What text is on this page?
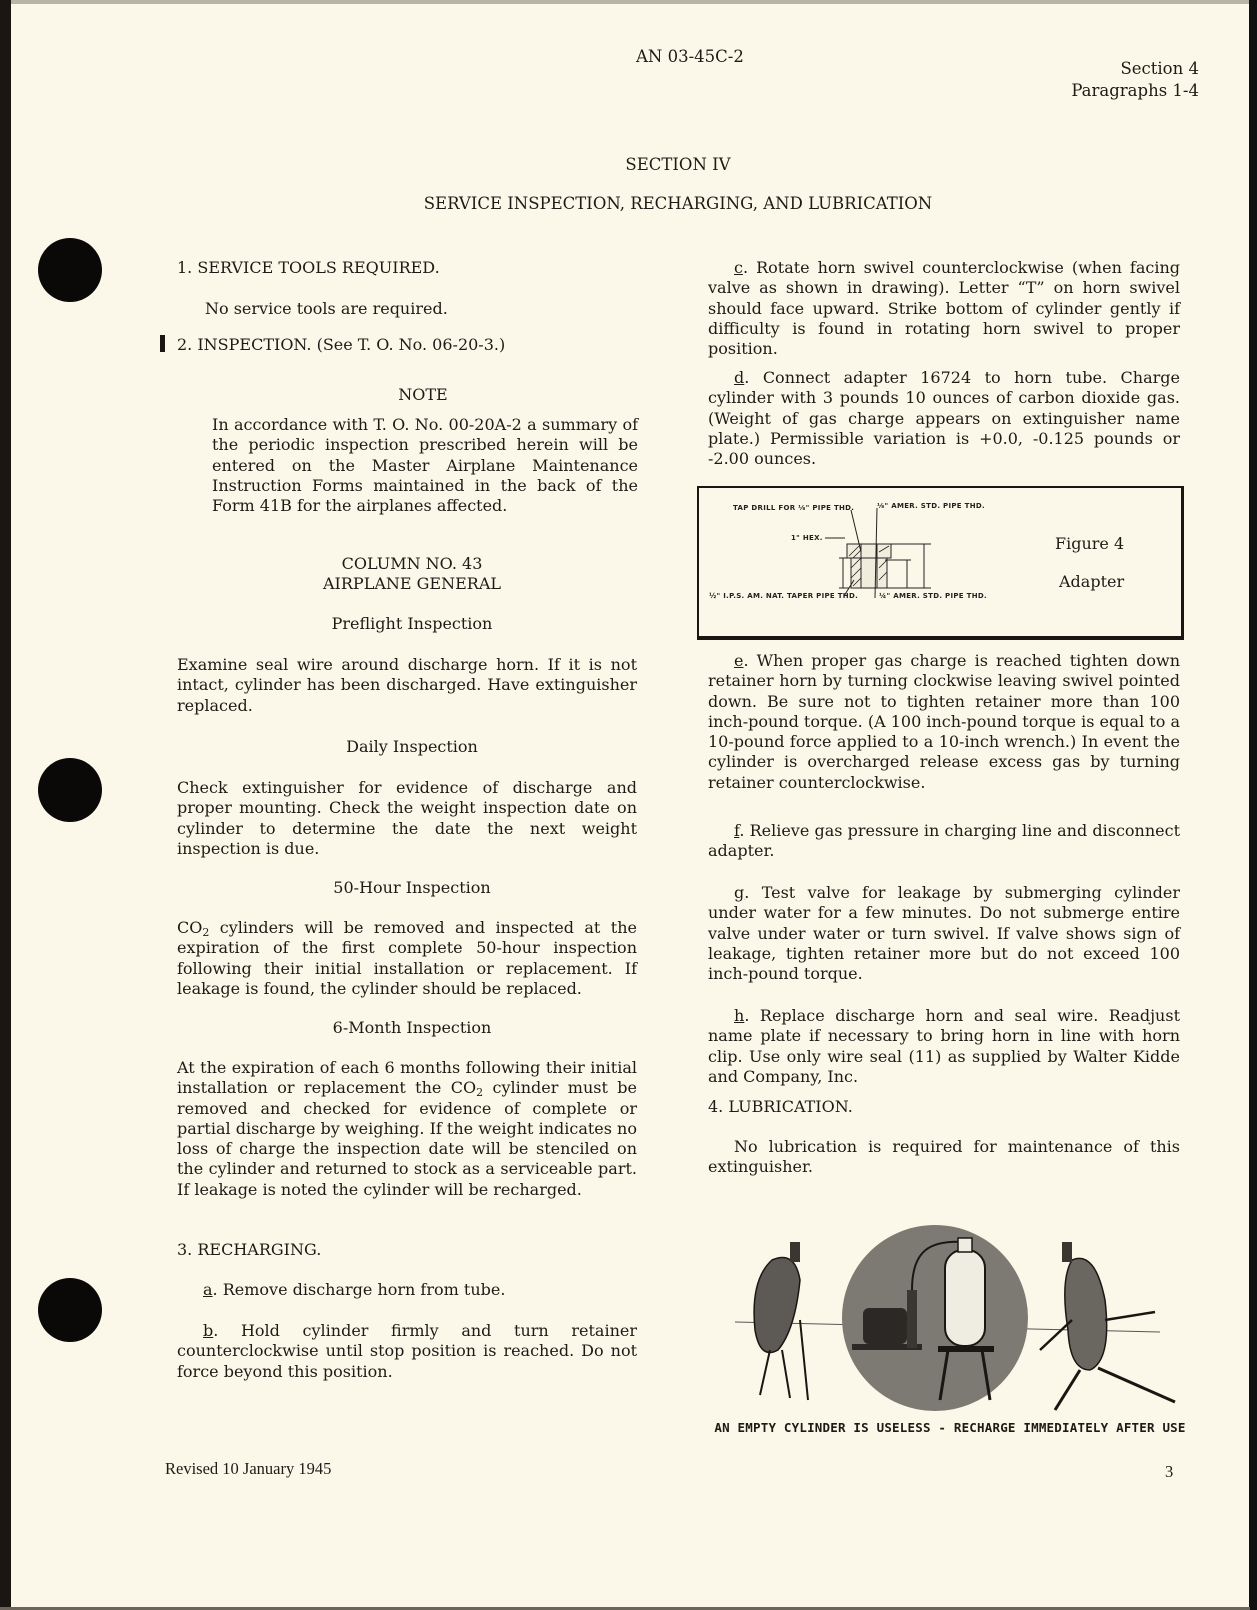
AN 03-45C-2
Section 4
Paragraphs 1-4
SECTION IV
SERVICE INSPECTION, RECHARGING, AND LUBRICATION
1. SERVICE TOOLS REQUIRED.
No service tools are required.
2. INSPECTION. (See T. O. No. 06-20-3.)
NOTE
In accordance with T. O. No. 00-20A-2 a summary of the periodic inspection prescribed herein will be entered on the Master Airplane Maintenance Instruction Forms maintained in the back of the Form 41B for the airplanes affected.
COLUMN NO. 43
AIRPLANE GENERAL
Preflight Inspection
Examine seal wire around discharge horn. If it is not intact, cylinder has been discharged. Have extinguisher replaced.
Daily Inspection
Check extinguisher for evidence of discharge and proper mounting. Check the weight inspection date on cylinder to determine the date the next weight inspection is due.
50-Hour Inspection
$CO_2$ cylinders will be removed and inspected at the expiration of the first complete 50-hour inspection following their initial installation or replacement. If leakage is found, the cylinder should be replaced.
6-Month Inspection
At the expiration of each 6 months following their initial installation or replacement the $CO_2$ cylinder must be removed and checked for evidence of complete or partial discharge by weighing. If the weight indicates no loss of charge the inspection date will be stenciled on the cylinder and returned to stock as a serviceable part. If leakage is noted the cylinder will be recharged.
3. RECHARGING.
a. Remove discharge horn from tube.
b. Hold cylinder firmly and turn retainer counterclockwise until stop position is reached. Do not force beyond this position.
c. Rotate horn swivel counterclockwise (when facing valve as shown in drawing). Letter “T” on horn swivel should face upward. Strike bottom of cylinder gently if difficulty is found in rotating horn swivel to proper position.
d. Connect adapter 16724 to horn tube. Charge cylinder with 3 pounds 10 ounces of carbon dioxide gas. (Weight of gas charge appears on extinguisher name plate.) Permissible variation is +0.0, -0.125 pounds or -2.00 ounces.
TAP DRILL FOR ⅛" PIPE THD.	⅛" AMER. STD. PIPE THD.
1" HEX.
½" I.P.S. AM. NAT. TAPER PIPE THD.	¼" AMER. STD. PIPE THD.
Figure 4
Adapter
e. When proper gas charge is reached tighten down retainer horn by turning clockwise leaving swivel pointed down. Be sure not to tighten retainer more than 100 inch-pound torque. (A 100 inch-pound torque is equal to a 10-pound force applied to a 10-inch wrench.) In event the cylinder is overcharged release excess gas by turning retainer counterclockwise.
f. Relieve gas pressure in charging line and disconnect adapter.
g. Test valve for leakage by submerging cylinder under water for a few minutes. Do not submerge entire valve under water or turn swivel. If valve shows sign of leakage, tighten retainer more but do not exceed 100 inch-pound torque.
h. Replace discharge horn and seal wire. Readjust name plate if necessary to bring horn in line with horn clip. Use only wire seal (11) as supplied by Walter Kidde and Company, Inc.
4. LUBRICATION.
No lubrication is required for maintenance of this extinguisher.
AN EMPTY CYLINDER IS USELESS - RECHARGE IMMEDIATELY AFTER USE
Revised 10 January 1945	3
